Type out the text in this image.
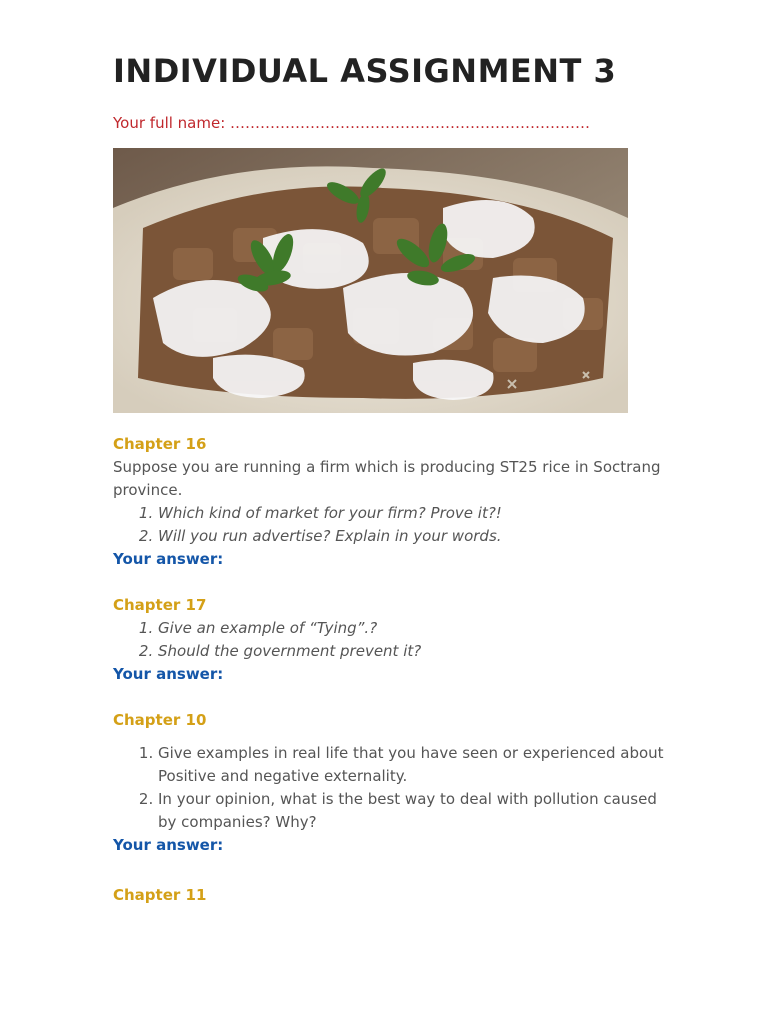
INDIVIDUAL ASSIGNMENT 3
Your full name: ………………………………………………………………
Chapter 16

Suppose you are running a firm which is producing ST25 rice in Soctrang province.

1. Which kind of market for your firm? Prove it?!
2. Will you run advertise? Explain in your words.

Your answer:

Chapter 17
1. Give an example of “Tying”.?
2. Should the government prevent it?

Your answer:

Chapter 10
1. Give examples in real life that you have seen or experienced about Positive and negative externality.
2. In your opinion, what is the best way to deal with pollution caused by companies? Why?

Your answer:

Chapter 11
